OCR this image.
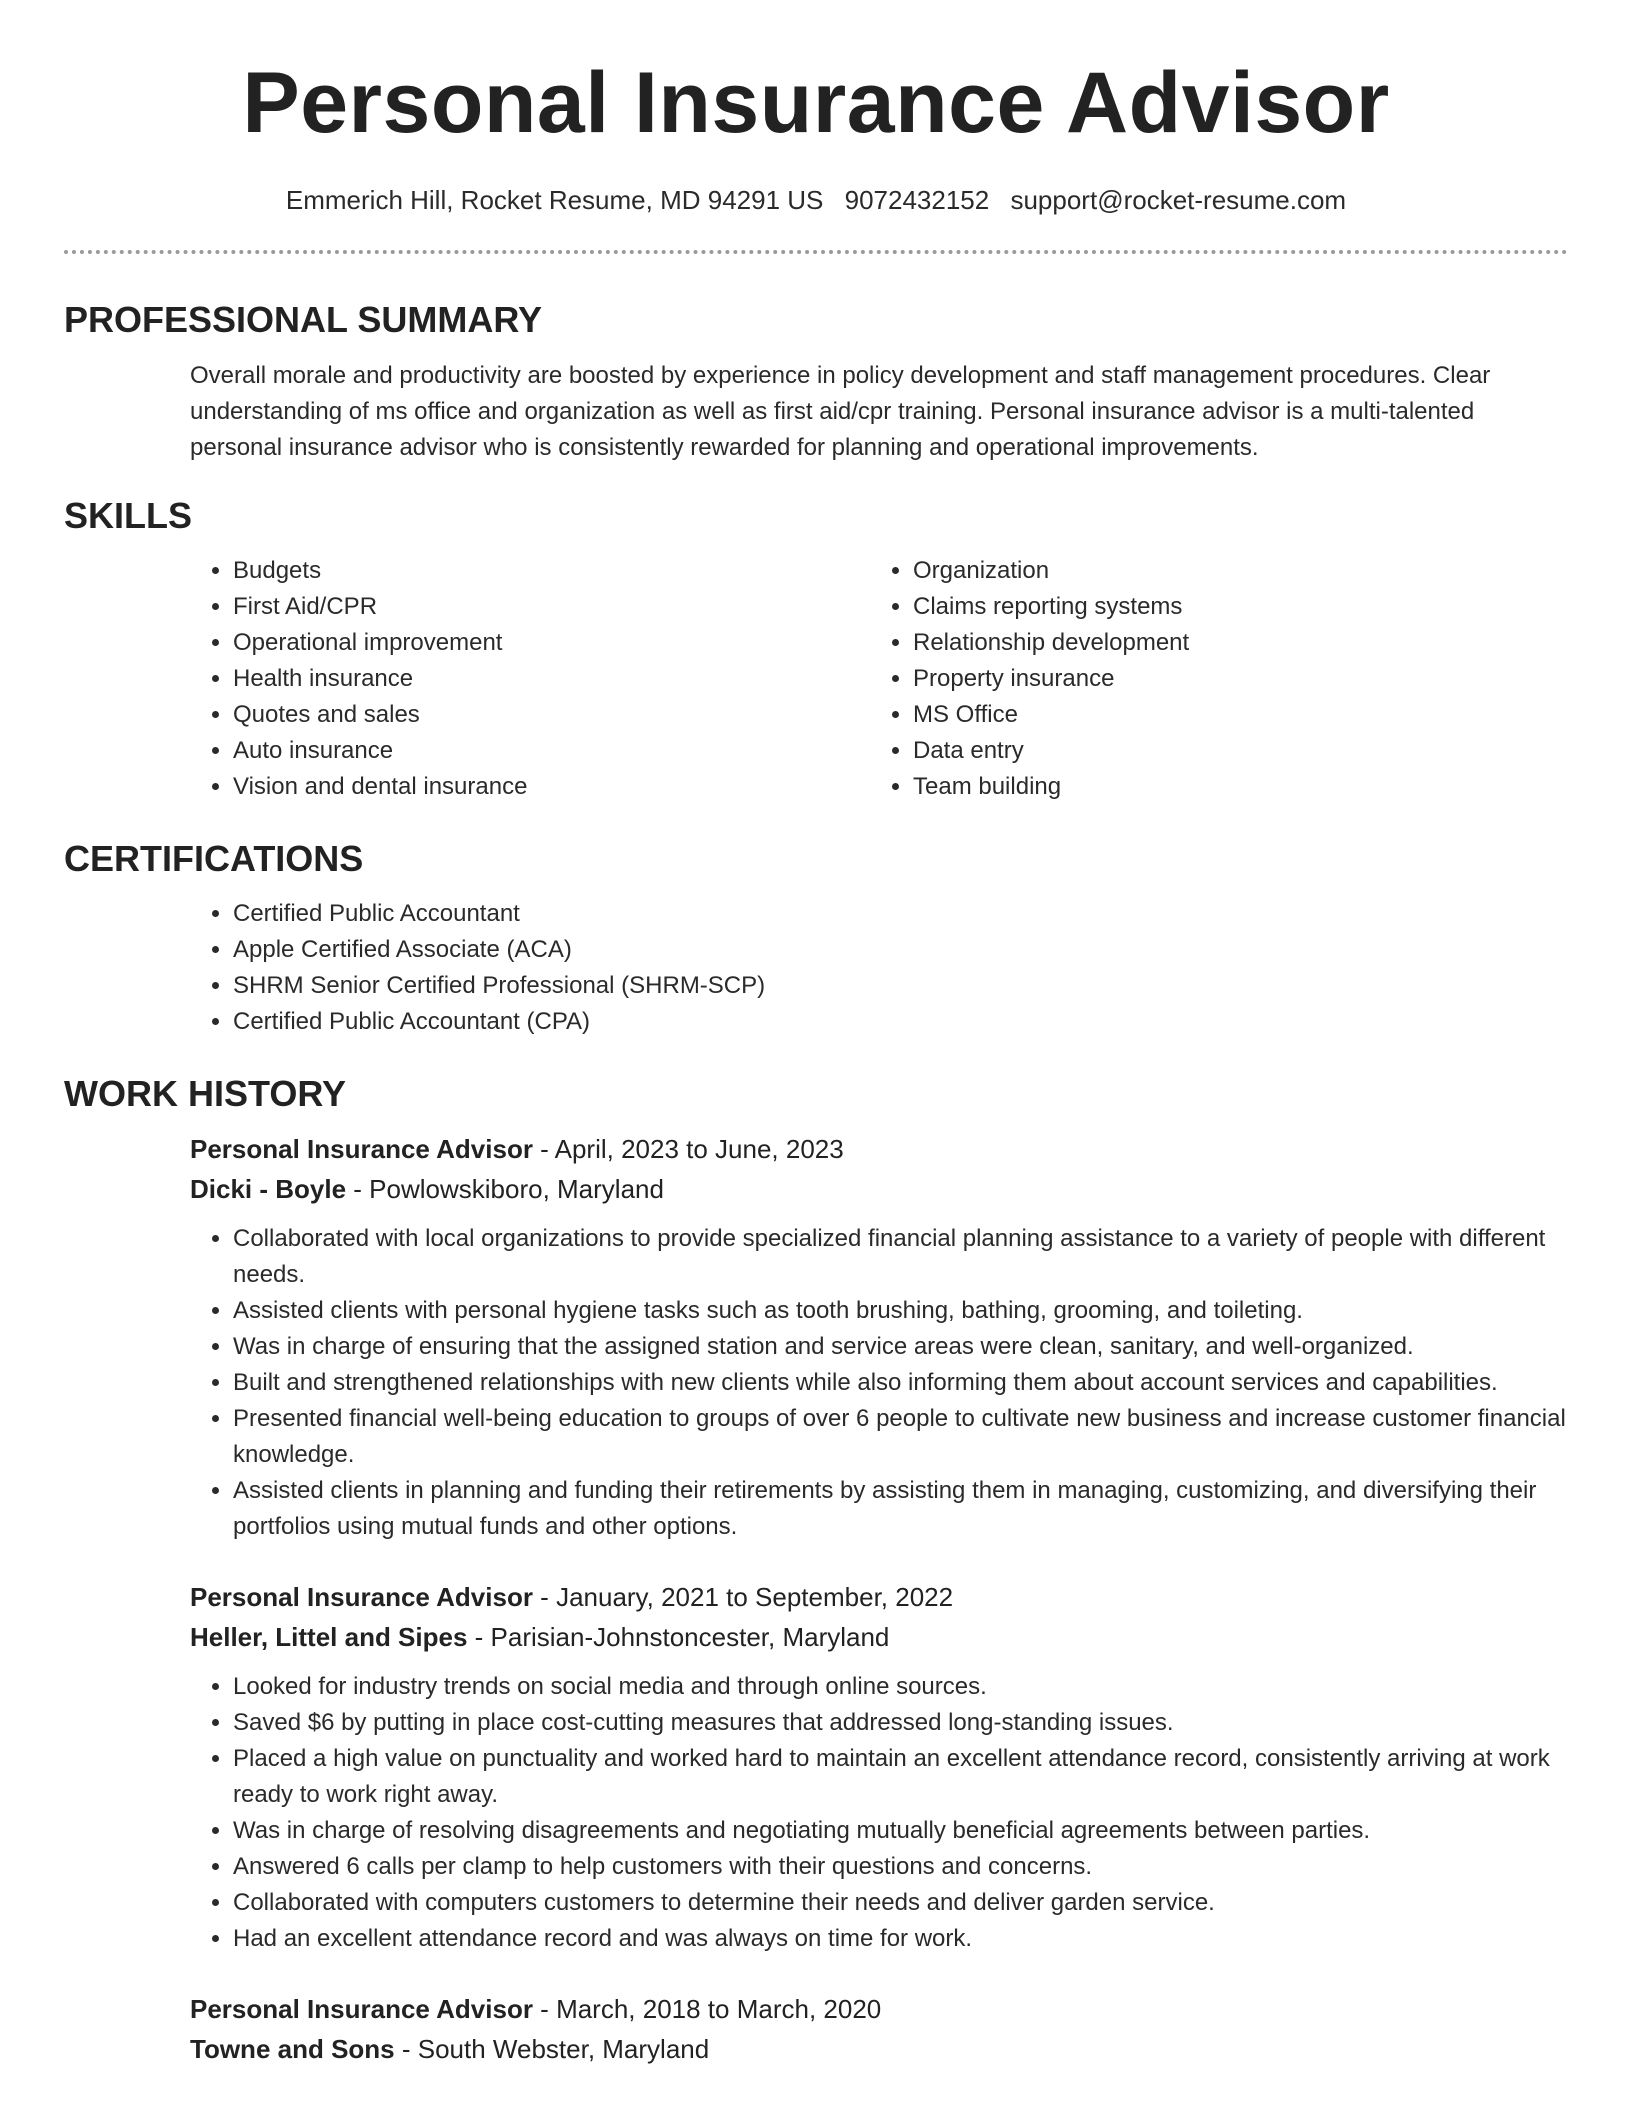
Personal Insurance Advisor
Emmerich Hill, Rocket Resume, MD 94291 US 9072432152 support@rocket-resume.com
PROFESSIONAL SUMMARY

Overall morale and productivity are boosted by experience in policy development and staff management procedures. Clear understanding of ms office and organization as well as first aid/cpr training. Personal insurance advisor is a multi-talented personal insurance advisor who is consistently rewarded for planning and operational improvements.

SKILLS
• Budgets
• First Aid/CPR
• Operational improvement
• Health insurance
• Quotes and sales
• Auto insurance
• Vision and dental insurance
• Organization
• Claims reporting systems
• Relationship development
• Property insurance
• MS Office
• Data entry
• Team building
CERTIFICATIONS
• Certified Public Accountant
• Apple Certified Associate (ACA)
• SHRM Senior Certified Professional (SHRM-SCP)
• Certified Public Accountant (CPA)
WORK HISTORY
Personal Insurance Advisor - April, 2023 to June, 2023
Dicki - Boyle - Powlowskiboro, Maryland
• Collaborated with local organizations to provide specialized financial planning assistance to a variety of people with different needs.
• Assisted clients with personal hygiene tasks such as tooth brushing, bathing, grooming, and toileting.
• Was in charge of ensuring that the assigned station and service areas were clean, sanitary, and well-organized.
• Built and strengthened relationships with new clients while also informing them about account services and capabilities.
• Presented financial well-being education to groups of over 6 people to cultivate new business and increase customer financial knowledge.
• Assisted clients in planning and funding their retirements by assisting them in managing, customizing, and diversifying their portfolios using mutual funds and other options.
Personal Insurance Advisor - January, 2021 to September, 2022
Heller, Littel and Sipes - Parisian-Johnstoncester, Maryland
• Looked for industry trends on social media and through online sources.
• Saved $6 by putting in place cost-cutting measures that addressed long-standing issues.
• Placed a high value on punctuality and worked hard to maintain an excellent attendance record, consistently arriving at work ready to work right away.
• Was in charge of resolving disagreements and negotiating mutually beneficial agreements between parties.
• Answered 6 calls per clamp to help customers with their questions and concerns.
• Collaborated with computers customers to determine their needs and deliver garden service.
• Had an excellent attendance record and was always on time for work.
Personal Insurance Advisor - March, 2018 to March, 2020
Towne and Sons - South Webster, Maryland
